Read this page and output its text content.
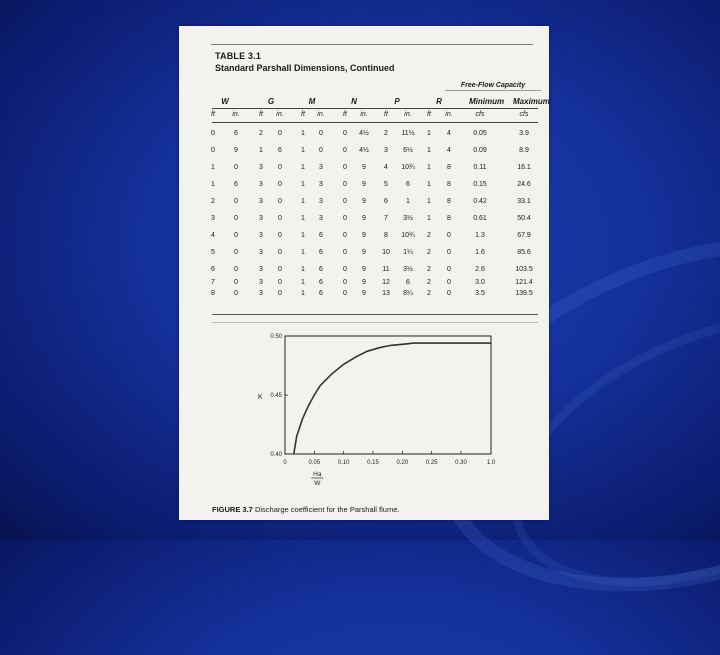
TABLE 3.1
Standard Parshall Dimensions, Continued
Free-Flow Capacity
W	G	M	N	P	R	Minimum Maximum
ft	in.	ft	in.	ft	in.	ft	in.	ft	in.	ft	in.	cfs	cfs
0	6	2	0	1	0	0	4½	2	11½	1	4	0.05	3.9
0	9	1	6	1	0	0	4½	3	6½	1	4	0.09	8.9
1	0	3	0	1	3	0	9	4	10¾	1	8	0.11	16.1
1	6	3	0	1	3	0	9	5	6	1	8	0.15	24.6
2	0	3	0	1	3	0	9	6	1	1	8	0.42	33.1
3	0	3	0	1	3	0	9	7	3½	1	8	0.61	50.4
4	0	3	0	1	6	0	9	8	10¾	2	0	1.3	67.9
5	0	3	0	1	6	0	9	10	1¼	2	0	1.6	85.6
6	0	3	0	1	6	0	9	11	3½	2	0	2.6	103.5
7	0	3	0	1	6	0	9	12	6	2	0	3.0	121.4
8	0	3	0	1	6	0	9	13	8¼	2	0	3.5	139.5
0	0.05	0.10	0.15	0.20	0.25	0.30	1.0
0.50
0.45
0.40
K
Ha
W
FIGURE 3.7 Discharge coefficient for the Parshall flume.
